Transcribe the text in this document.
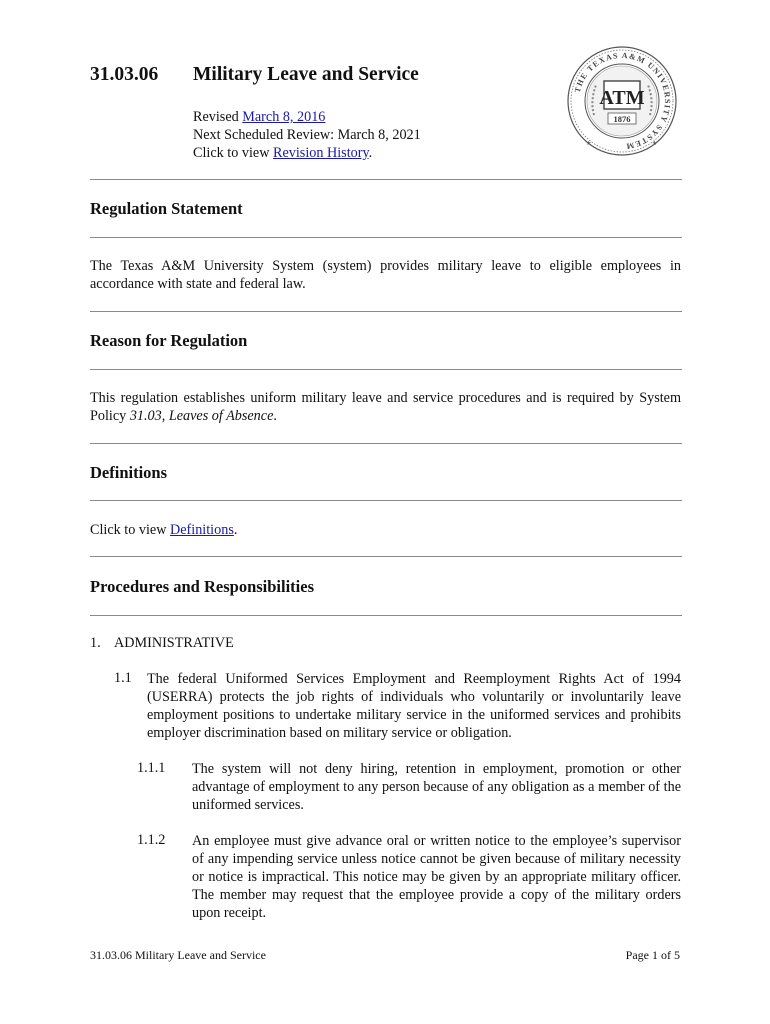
31.03.06 Military Leave and Service
Revised March 8, 2016
Next Scheduled Review: March 8, 2021
Click to view Revision History.
THE TEXAS A&M UNIVERSITY SYSTEM
ATM
1876
★	★
Regulation Statement
The Texas A&M University System (system) provides military leave to eligible employees in accordance with state and federal law.
Reason for Regulation
This regulation establishes uniform military leave and service procedures and is required by System Policy 31.03, Leaves of Absence.
Definitions
Click to view Definitions.
Procedures and Responsibilities
1. ADMINISTRATIVE
1.1 The federal Uniformed Services Employment and Reemployment Rights Act of 1994 (USERRA) protects the job rights of individuals who voluntarily or involuntarily leave employment positions to undertake military service in the uniformed services and prohibits employer discrimination based on military service or obligation.
1.1.1 The system will not deny hiring, retention in employment, promotion or other advantage of employment to any person because of any obligation as a member of the uniformed services.
1.1.2 An employee must give advance oral or written notice to the employee’s supervisor of any impending service unless notice cannot be given because of military necessity or notice is impractical. This notice may be given by an appropriate military officer. The member may request that the employee provide a copy of the military orders upon receipt.
31.03.06 Military Leave and Service	Page 1 of 5
